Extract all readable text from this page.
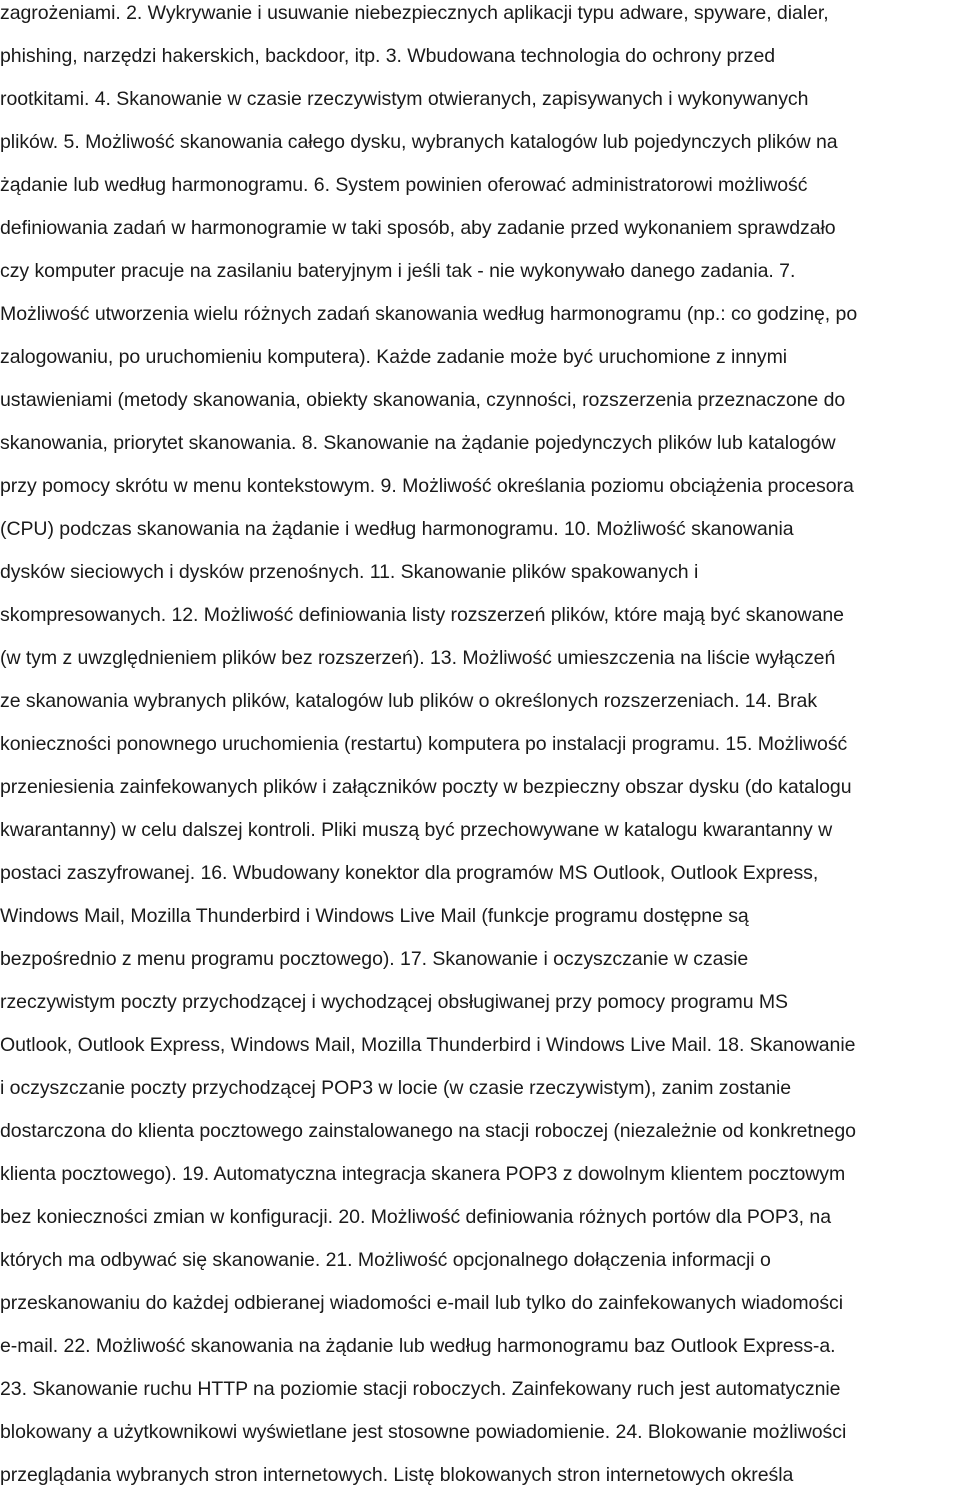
zagrożeniami. 2. Wykrywanie i usuwanie niebezpiecznych aplikacji typu adware, spyware, dialer,
phishing, narzędzi hakerskich, backdoor, itp. 3. Wbudowana technologia do ochrony przed
rootkitami. 4. Skanowanie w czasie rzeczywistym otwieranych, zapisywanych i wykonywanych
plików. 5. Możliwość skanowania całego dysku, wybranych katalogów lub pojedynczych plików na
żądanie lub według harmonogramu. 6. System powinien oferować administratorowi możliwość
definiowania zadań w harmonogramie w taki sposób, aby zadanie przed wykonaniem sprawdzało
czy komputer pracuje na zasilaniu bateryjnym i jeśli tak - nie wykonywało danego zadania. 7.
Możliwość utworzenia wielu różnych zadań skanowania według harmonogramu (np.: co godzinę, po
zalogowaniu, po uruchomieniu komputera). Każde zadanie może być uruchomione z innymi
ustawieniami (metody skanowania, obiekty skanowania, czynności, rozszerzenia przeznaczone do
skanowania, priorytet skanowania. 8. Skanowanie na żądanie pojedynczych plików lub katalogów
przy pomocy skrótu w menu kontekstowym. 9. Możliwość określania poziomu obciążenia procesora
(CPU) podczas skanowania na żądanie i według harmonogramu. 10. Możliwość skanowania
dysków sieciowych i dysków przenośnych. 11. Skanowanie plików spakowanych i
skompresowanych. 12. Możliwość definiowania listy rozszerzeń plików, które mają być skanowane
(w tym z uwzględnieniem plików bez rozszerzeń). 13. Możliwość umieszczenia na liście wyłączeń
ze skanowania wybranych plików, katalogów lub plików o określonych rozszerzeniach. 14. Brak
konieczności ponownego uruchomienia (restartu) komputera po instalacji programu. 15. Możliwość
przeniesienia zainfekowanych plików i załączników poczty w bezpieczny obszar dysku (do katalogu
kwarantanny) w celu dalszej kontroli. Pliki muszą być przechowywane w katalogu kwarantanny w
postaci zaszyfrowanej. 16. Wbudowany konektor dla programów MS Outlook, Outlook Express,
Windows Mail, Mozilla Thunderbird i Windows Live Mail (funkcje programu dostępne są
bezpośrednio z menu programu pocztowego). 17. Skanowanie i oczyszczanie w czasie
rzeczywistym poczty przychodzącej i wychodzącej obsługiwanej przy pomocy programu MS
Outlook, Outlook Express, Windows Mail, Mozilla Thunderbird i Windows Live Mail. 18. Skanowanie
i oczyszczanie poczty przychodzącej POP3 w locie (w czasie rzeczywistym), zanim zostanie
dostarczona do klienta pocztowego zainstalowanego na stacji roboczej (niezależnie od konkretnego
klienta pocztowego). 19. Automatyczna integracja skanera POP3 z dowolnym klientem pocztowym
bez konieczności zmian w konfiguracji. 20. Możliwość definiowania różnych portów dla POP3, na
których ma odbywać się skanowanie. 21. Możliwość opcjonalnego dołączenia informacji o
przeskanowaniu do każdej odbieranej wiadomości e-mail lub tylko do zainfekowanych wiadomości
e-mail. 22. Możliwość skanowania na żądanie lub według harmonogramu baz Outlook Express-a.
23. Skanowanie ruchu HTTP na poziomie stacji roboczych. Zainfekowany ruch jest automatycznie
blokowany a użytkownikowi wyświetlane jest stosowne powiadomienie. 24. Blokowanie możliwości
przeglądania wybranych stron internetowych. Listę blokowanych stron internetowych określa
